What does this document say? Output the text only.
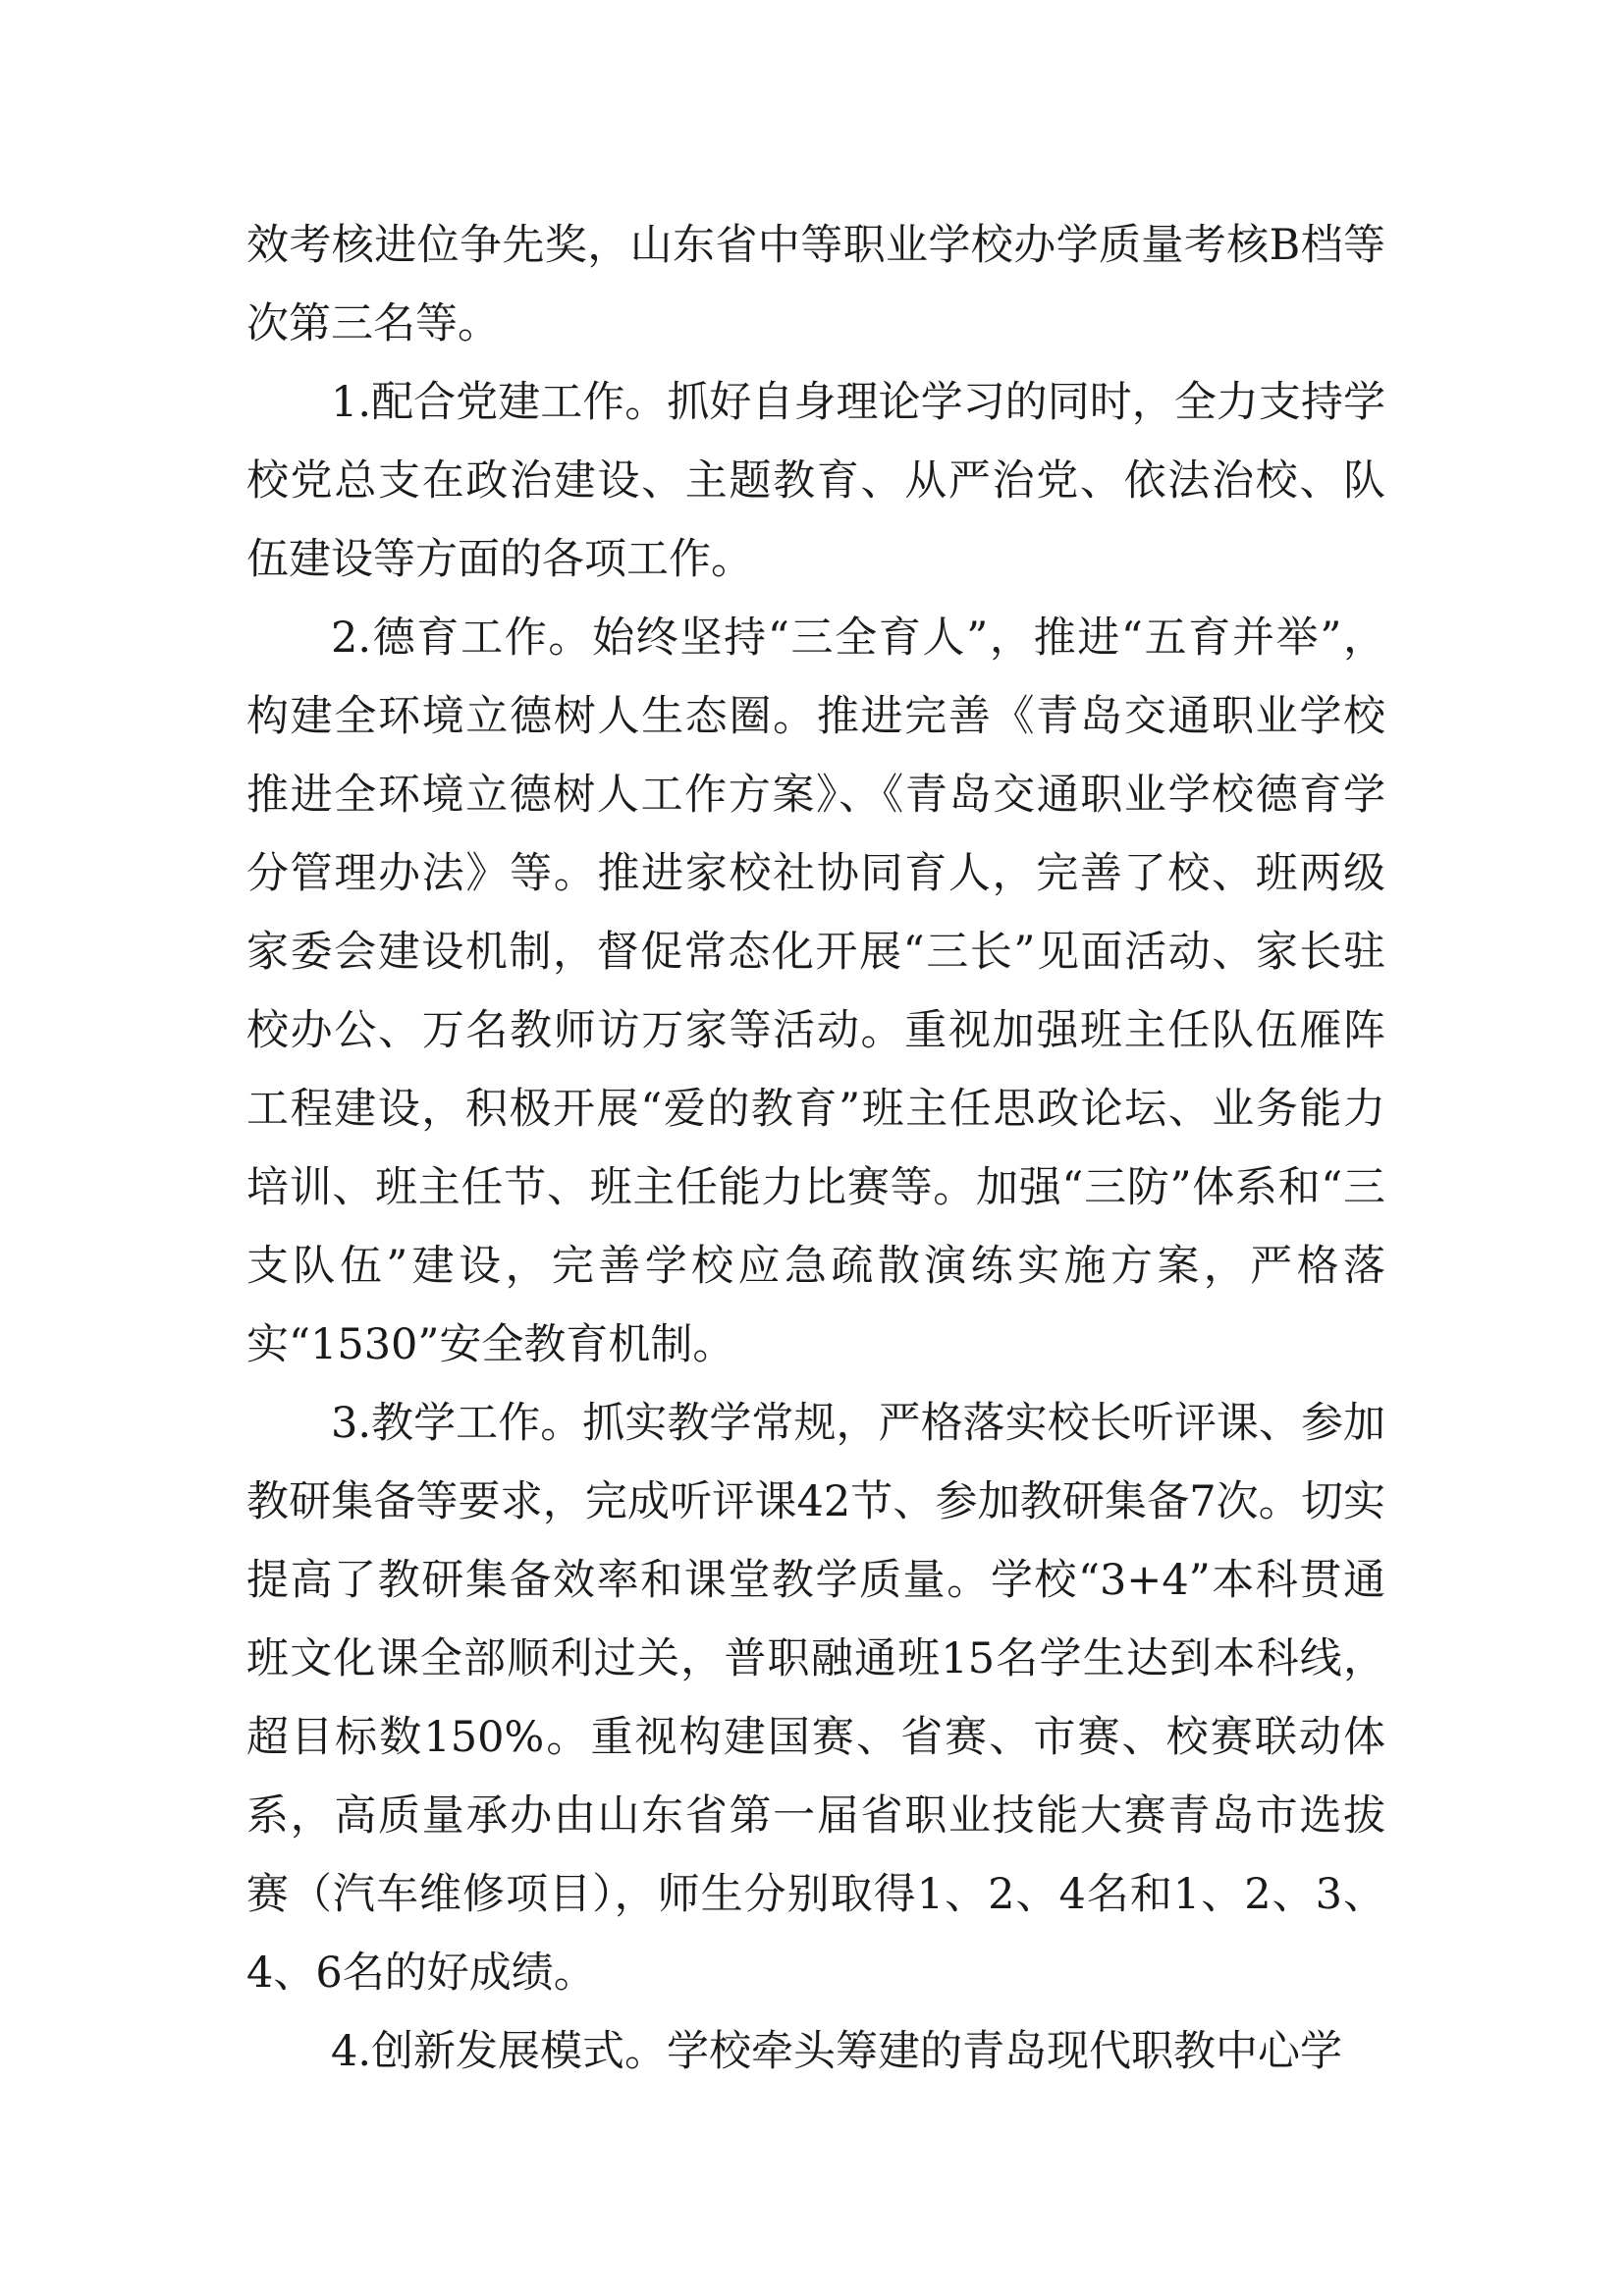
效考核进位争先奖，山东省中等职业学校办学质量考核B档等次第三名等。

1.配合党建工作。抓好自身理论学习的同时，全力支持学校党总支在政治建设、主题教育、从严治党、依法治校、队伍建设等方面的各项工作。

2.德育工作。始终坚持“三全育人”，推进“五育并举”，构建全环境立德树人生态圈。推进完善《青岛交通职业学校推进全环境立德树人工作方案》、《青岛交通职业学校德育学分管理办法》等。推进家校社协同育人，完善了校、班两级家委会建设机制，督促常态化开展“三长”见面活动、家长驻校办公、万名教师访万家等活动。重视加强班主任队伍雁阵工程建设，积极开展“爱的教育”班主任思政论坛、业务能力培训、班主任节、班主任能力比赛等。加强“三防”体系和“三支队伍”建设，完善学校应急疏散演练实施方案，严格落实“1530”安全教育机制。

3.教学工作。抓实教学常规，严格落实校长听评课、参加教研集备等要求，完成听评课42节、参加教研集备7次。切实提高了教研集备效率和课堂教学质量。学校“3+4”本科贯通班文化课全部顺利过关，普职融通班15名学生达到本科线，超目标数150%。重视构建国赛、省赛、市赛、校赛联动体系，高质量承办由山东省第一届省职业技能大赛青岛市选拔赛（汽车维修项目），师生分别取得1、2、4名和1、2、3、4、6名的好成绩。

4.创新发展模式。学校牵头筹建的青岛现代职教中心学
